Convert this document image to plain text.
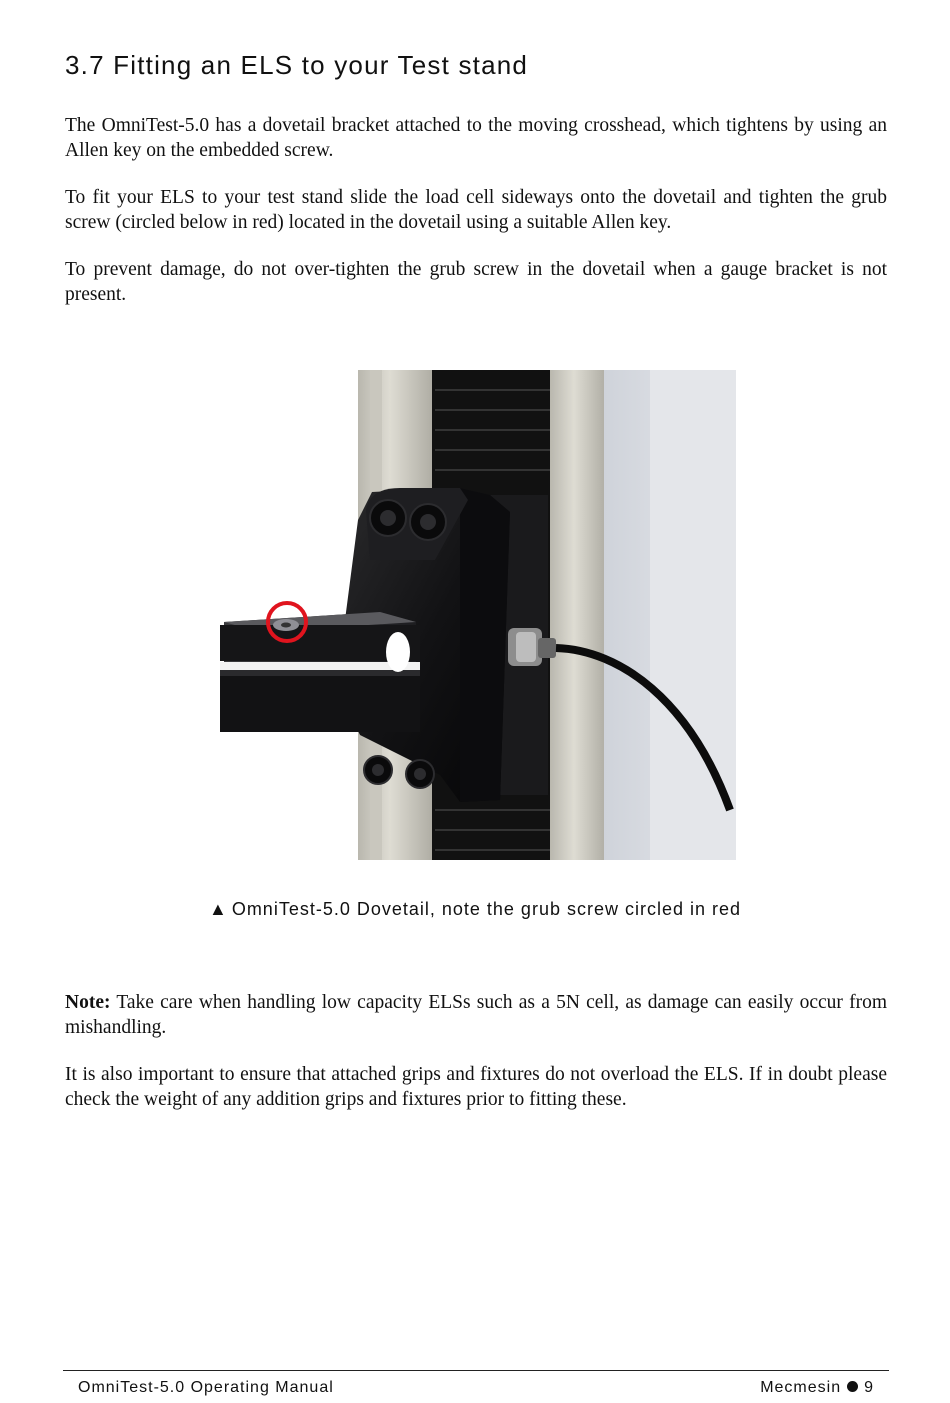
3.7 Fitting an ELS to your Test stand

The OmniTest-5.0 has a dovetail bracket attached to the moving crosshead, which tightens by using an Allen key on the embedded screw.

To fit your ELS to your test stand slide the load cell sideways onto the dovetail and tighten the grub screw (circled below in red) located in the dovetail using a suitable Allen key.

To prevent damage, do not over-tighten the grub screw in the dovetail when a gauge bracket is not present.

▲ OmniTest-5.0 Dovetail, note the grub screw circled in red

Note: Take care when handling low capacity ELSs such as a 5N cell, as damage can easily occur from mishandling.

It is also important to ensure that attached grips and fixtures do not overload the ELS. If in doubt please check the weight of any addition grips and fixtures prior to fitting these.

OmniTest-5.0 Operating Manual	Mecmesin 9
